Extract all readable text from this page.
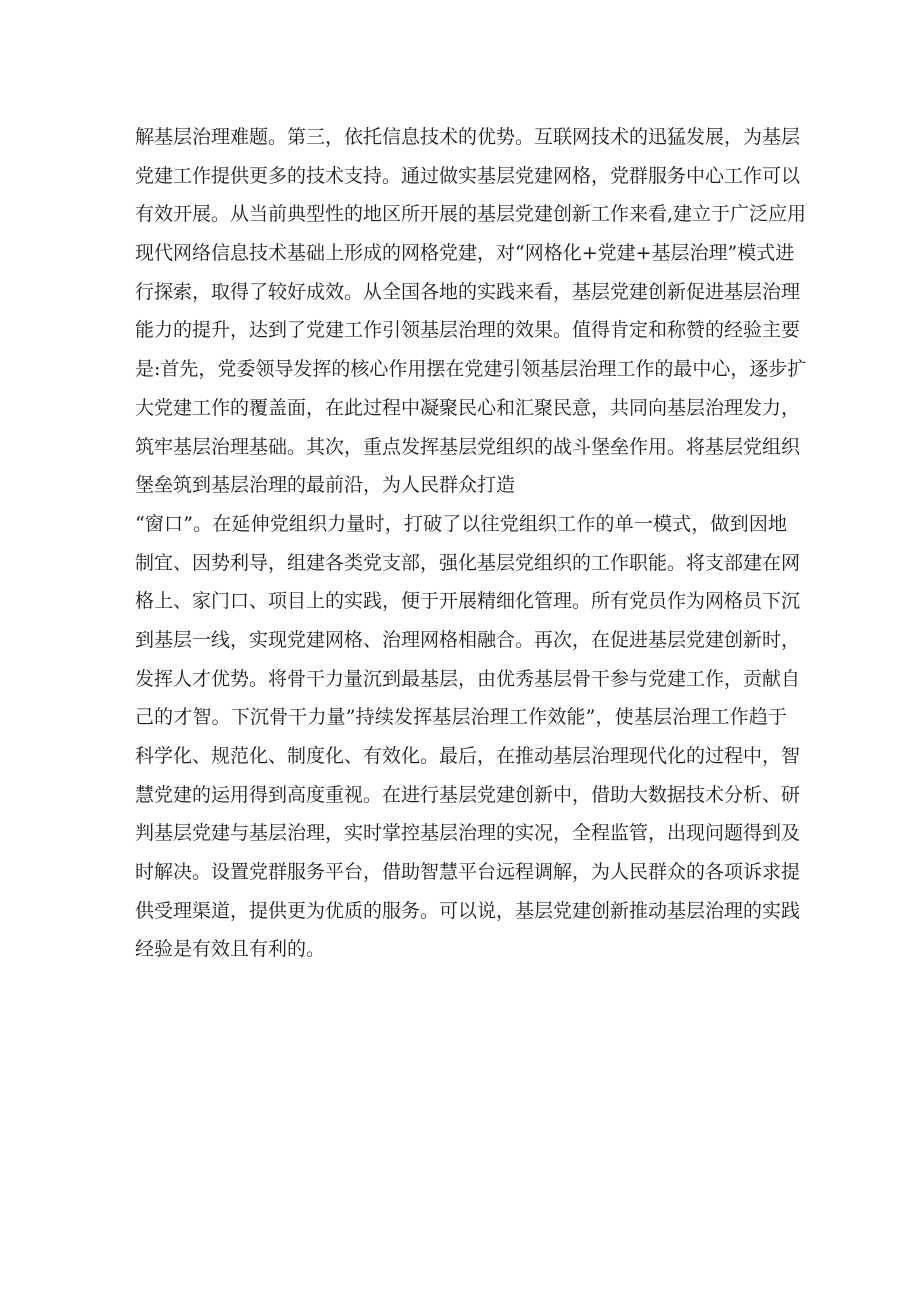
解基层治理难题。第三，依托信息技术的优势。互联网技术的迅猛发展，为基层
党建工作提供更多的技术支持。通过做实基层党建网格，党群服务中心工作可以
有效开展。从当前典型性的地区所开展的基层党建创新工作来看,建立于广泛应用
现代网络信息技术基础上形成的网格党建，对“网格化+党建+基层治理”模式进
行探索，取得了较好成效。从全国各地的实践来看，基层党建创新促进基层治理
能力的提升，达到了党建工作引领基层治理的效果。值得肯定和称赞的经验主要
是:首先，党委领导发挥的核心作用摆在党建引领基层治理工作的最中心，逐步扩
大党建工作的覆盖面，在此过程中凝聚民心和汇聚民意，共同向基层治理发力，
筑牢基层治理基础。其次，重点发挥基层党组织的战斗堡垒作用。将基层党组织
堡垒筑到基层治理的最前沿，为人民群众打造
“窗口”。在延伸党组织力量时，打破了以往党组织工作的单一模式，做到因地
制宜、因势利导，组建各类党支部，强化基层党组织的工作职能。将支部建在网
格上、家门口、项目上的实践，便于开展精细化管理。所有党员作为网格员下沉
到基层一线，实现党建网格、治理网格相融合。再次，在促进基层党建创新时，
发挥人才优势。将骨干力量沉到最基层，由优秀基层骨干参与党建工作，贡献自
己的才智。下沉骨干力量”持续发挥基层治理工作效能”，使基层治理工作趋于
科学化、规范化、制度化、有效化。最后，在推动基层治理现代化的过程中，智
慧党建的运用得到高度重视。在进行基层党建创新中，借助大数据技术分析、研
判基层党建与基层治理，实时掌控基层治理的实况，全程监管，出现问题得到及
时解决。设置党群服务平台，借助智慧平台远程调解，为人民群众的各项诉求提
供受理渠道，提供更为优质的服务。可以说，基层党建创新推动基层治理的实践
经验是有效且有利的。
